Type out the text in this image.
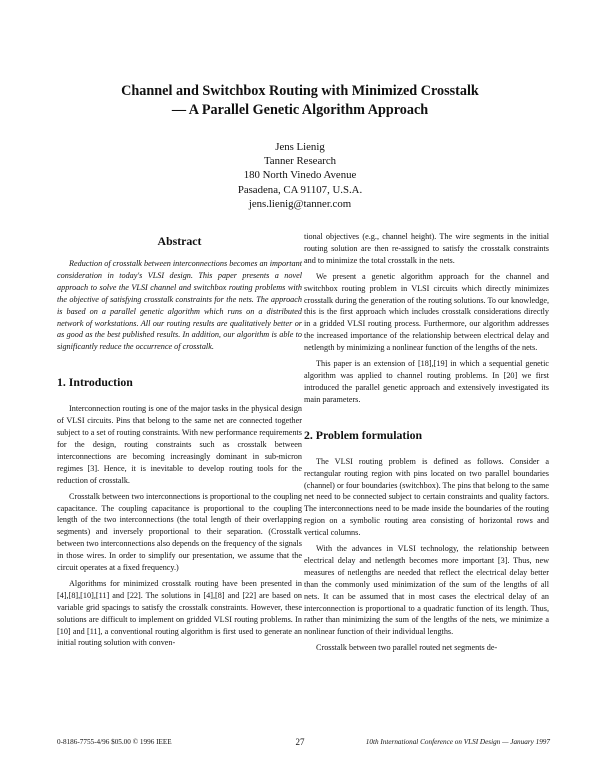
Channel and Switchbox Routing with Minimized Crosstalk
— A Parallel Genetic Algorithm Approach
Jens Lienig
Tanner Research
180 North Vinedo Avenue
Pasadena, CA 91107, U.S.A.
jens.lienig@tanner.com
Abstract

Reduction of crosstalk between interconnections becomes an important consideration in today's VLSI design. This paper presents a novel approach to solve the VLSI channel and switchbox routing problems with the objective of satisfying crosstalk constraints for the nets. The approach is based on a parallel genetic algorithm which runs on a distributed network of workstations. All our routing results are qualitatively better or as good as the best published results. In addition, our algorithm is able to significantly reduce the occurrence of crosstalk.

1. Introduction

Interconnection routing is one of the major tasks in the physical design of VLSI circuits. Pins that belong to the same net are connected together subject to a set of routing constraints. With new performance requirements for the design, routing constraints such as crosstalk between interconnections are becoming increasingly dominant in sub-micron regimes [3]. Hence, it is inevitable to develop routing tools for the reduction of crosstalk.

Crosstalk between two interconnections is proportional to the coupling capacitance. The coupling capacitance is proportional to the coupling length of the two interconnections (the total length of their overlapping segments) and inversely proportional to their separation. (Crosstalk between two interconnections also depends on the frequency of the signals in those wires. In order to simplify our presentation, we assume that the circuit operates at a fixed frequency.)

Algorithms for minimized crosstalk routing have been presented in [4],[8],[10],[11] and [22]. The solutions in [4],[8] and [22] are based on variable grid spacings to satisfy the crosstalk constraints. However, these solutions are difficult to implement on gridded VLSI routing problems. In [10] and [11], a conventional routing algorithm is first used to generate an initial routing solution with conven-

tional objectives (e.g., channel height). The wire segments in the initial routing solution are then re-assigned to satisfy the crosstalk constraints and to minimize the total crosstalk in the nets.

We present a genetic algorithm approach for the channel and switchbox routing problem in VLSI circuits which directly minimizes crosstalk during the generation of the routing solutions. To our knowledge, this is the first approach which includes crosstalk considerations directly in a gridded VLSI routing process. Furthermore, our algorithm addresses the increased importance of the relationship between electrical delay and netlength by minimizing a nonlinear function of the lengths of the nets.

This paper is an extension of [18],[19] in which a sequential genetic algorithm was applied to channel routing problems. In [20] we first introduced the parallel genetic approach and extensively investigated its main parameters.

2. Problem formulation

The VLSI routing problem is defined as follows. Consider a rectangular routing region with pins located on two parallel boundaries (channel) or four boundaries (switchbox). The pins that belong to the same net need to be connected subject to certain constraints and quality factors. The interconnections need to be made inside the boundaries of the routing region on a symbolic routing area consisting of horizontal rows and vertical columns.

With the advances in VLSI technology, the relationship between electrical delay and netlength becomes more important [3]. Thus, new measures of netlengths are needed that reflect the electrical delay better than the commonly used minimization of the sum of the lengths of all nets. It can be assumed that in most cases the electrical delay of an interconnection is proportional to a quadratic function of its length. Thus, rather than minimizing the sum of the lengths of the nets, we minimize a nonlinear function of their individual lengths.

Crosstalk between two parallel routed net segments de-

27
0-8186-7755-4/96 $05.00 © 1996 IEEE	10th International Conference on VLSI Design — January 1997
